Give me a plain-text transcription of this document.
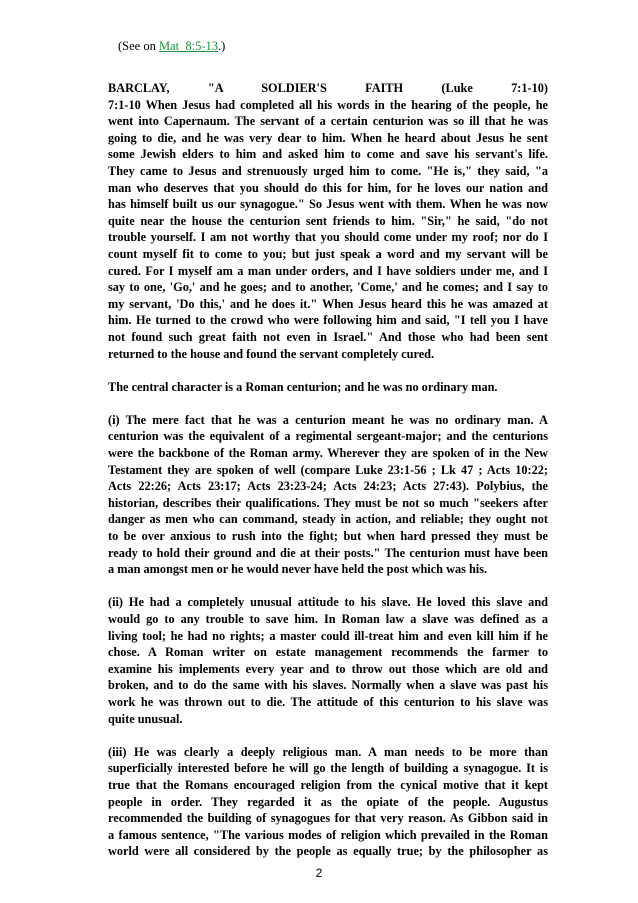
(See on Mat_8:5-13.)
BARCLAY, "A SOLDIER'S FAITH (Luke 7:1-10)
7:1-10 When Jesus had completed all his words in the hearing of the people, he
went into Capernaum. The servant of a certain centurion was so ill that he was
going to die, and he was very dear to him. When he heard about Jesus he sent
some Jewish elders to him and asked him to come and save his servant's life.
They came to Jesus and strenuously urged him to come. "He is," they said, "a
man who deserves that you should do this for him, for he loves our nation and
has himself built us our synagogue." So Jesus went with them. When he was now
quite near the house the centurion sent friends to him. "Sir," he said, "do not
trouble yourself. I am not worthy that you should come under my roof; nor do I
count myself fit to come to you; but just speak a word and my servant will be
cured. For I myself am a man under orders, and I have soldiers under me, and I
say to one, 'Go,' and he goes; and to another, 'Come,' and he comes; and I say to
my servant, 'Do this,' and he does it." When Jesus heard this he was amazed at
him. He turned to the crowd who were following him and said, "I tell you I have
not found such great faith not even in Israel." And those who had been sent
returned to the house and found the servant completely cured.
The central character is a Roman centurion; and he was no ordinary man.
(i) The mere fact that he was a centurion meant he was no ordinary man. A
centurion was the equivalent of a regimental sergeant-major; and the centurions
were the backbone of the Roman army. Wherever they are spoken of in the New
Testament they are spoken of well (compare Luke 23:1-56 ; Lk 47 ; Acts 10:22;
Acts 22:26; Acts 23:17; Acts 23:23-24; Acts 24:23; Acts 27:43). Polybius, the
historian, describes their qualifications. They must be not so much "seekers after
danger as men who can command, steady in action, and reliable; they ought not
to be over anxious to rush into the fight; but when hard pressed they must be
ready to hold their ground and die at their posts." The centurion must have been
a man amongst men or he would never have held the post which was his.
(ii) He had a completely unusual attitude to his slave. He loved this slave and
would go to any trouble to save him. In Roman law a slave was defined as a
living tool; he had no rights; a master could ill-treat him and even kill him if he
chose. A Roman writer on estate management recommends the farmer to
examine his implements every year and to throw out those which are old and
broken, and to do the same with his slaves. Normally when a slave was past his
work he was thrown out to die. The attitude of this centurion to his slave was
quite unusual.
(iii) He was clearly a deeply religious man. A man needs to be more than
superficially interested before he will go the length of building a synagogue. It is
true that the Romans encouraged religion from the cynical motive that it kept
people in order. They regarded it as the opiate of the people. Augustus
recommended the building of synagogues for that very reason. As Gibbon said in
a famous sentence, "The various modes of religion which prevailed in the Roman
world were all considered by the people as equally true; by the philosopher as
2
